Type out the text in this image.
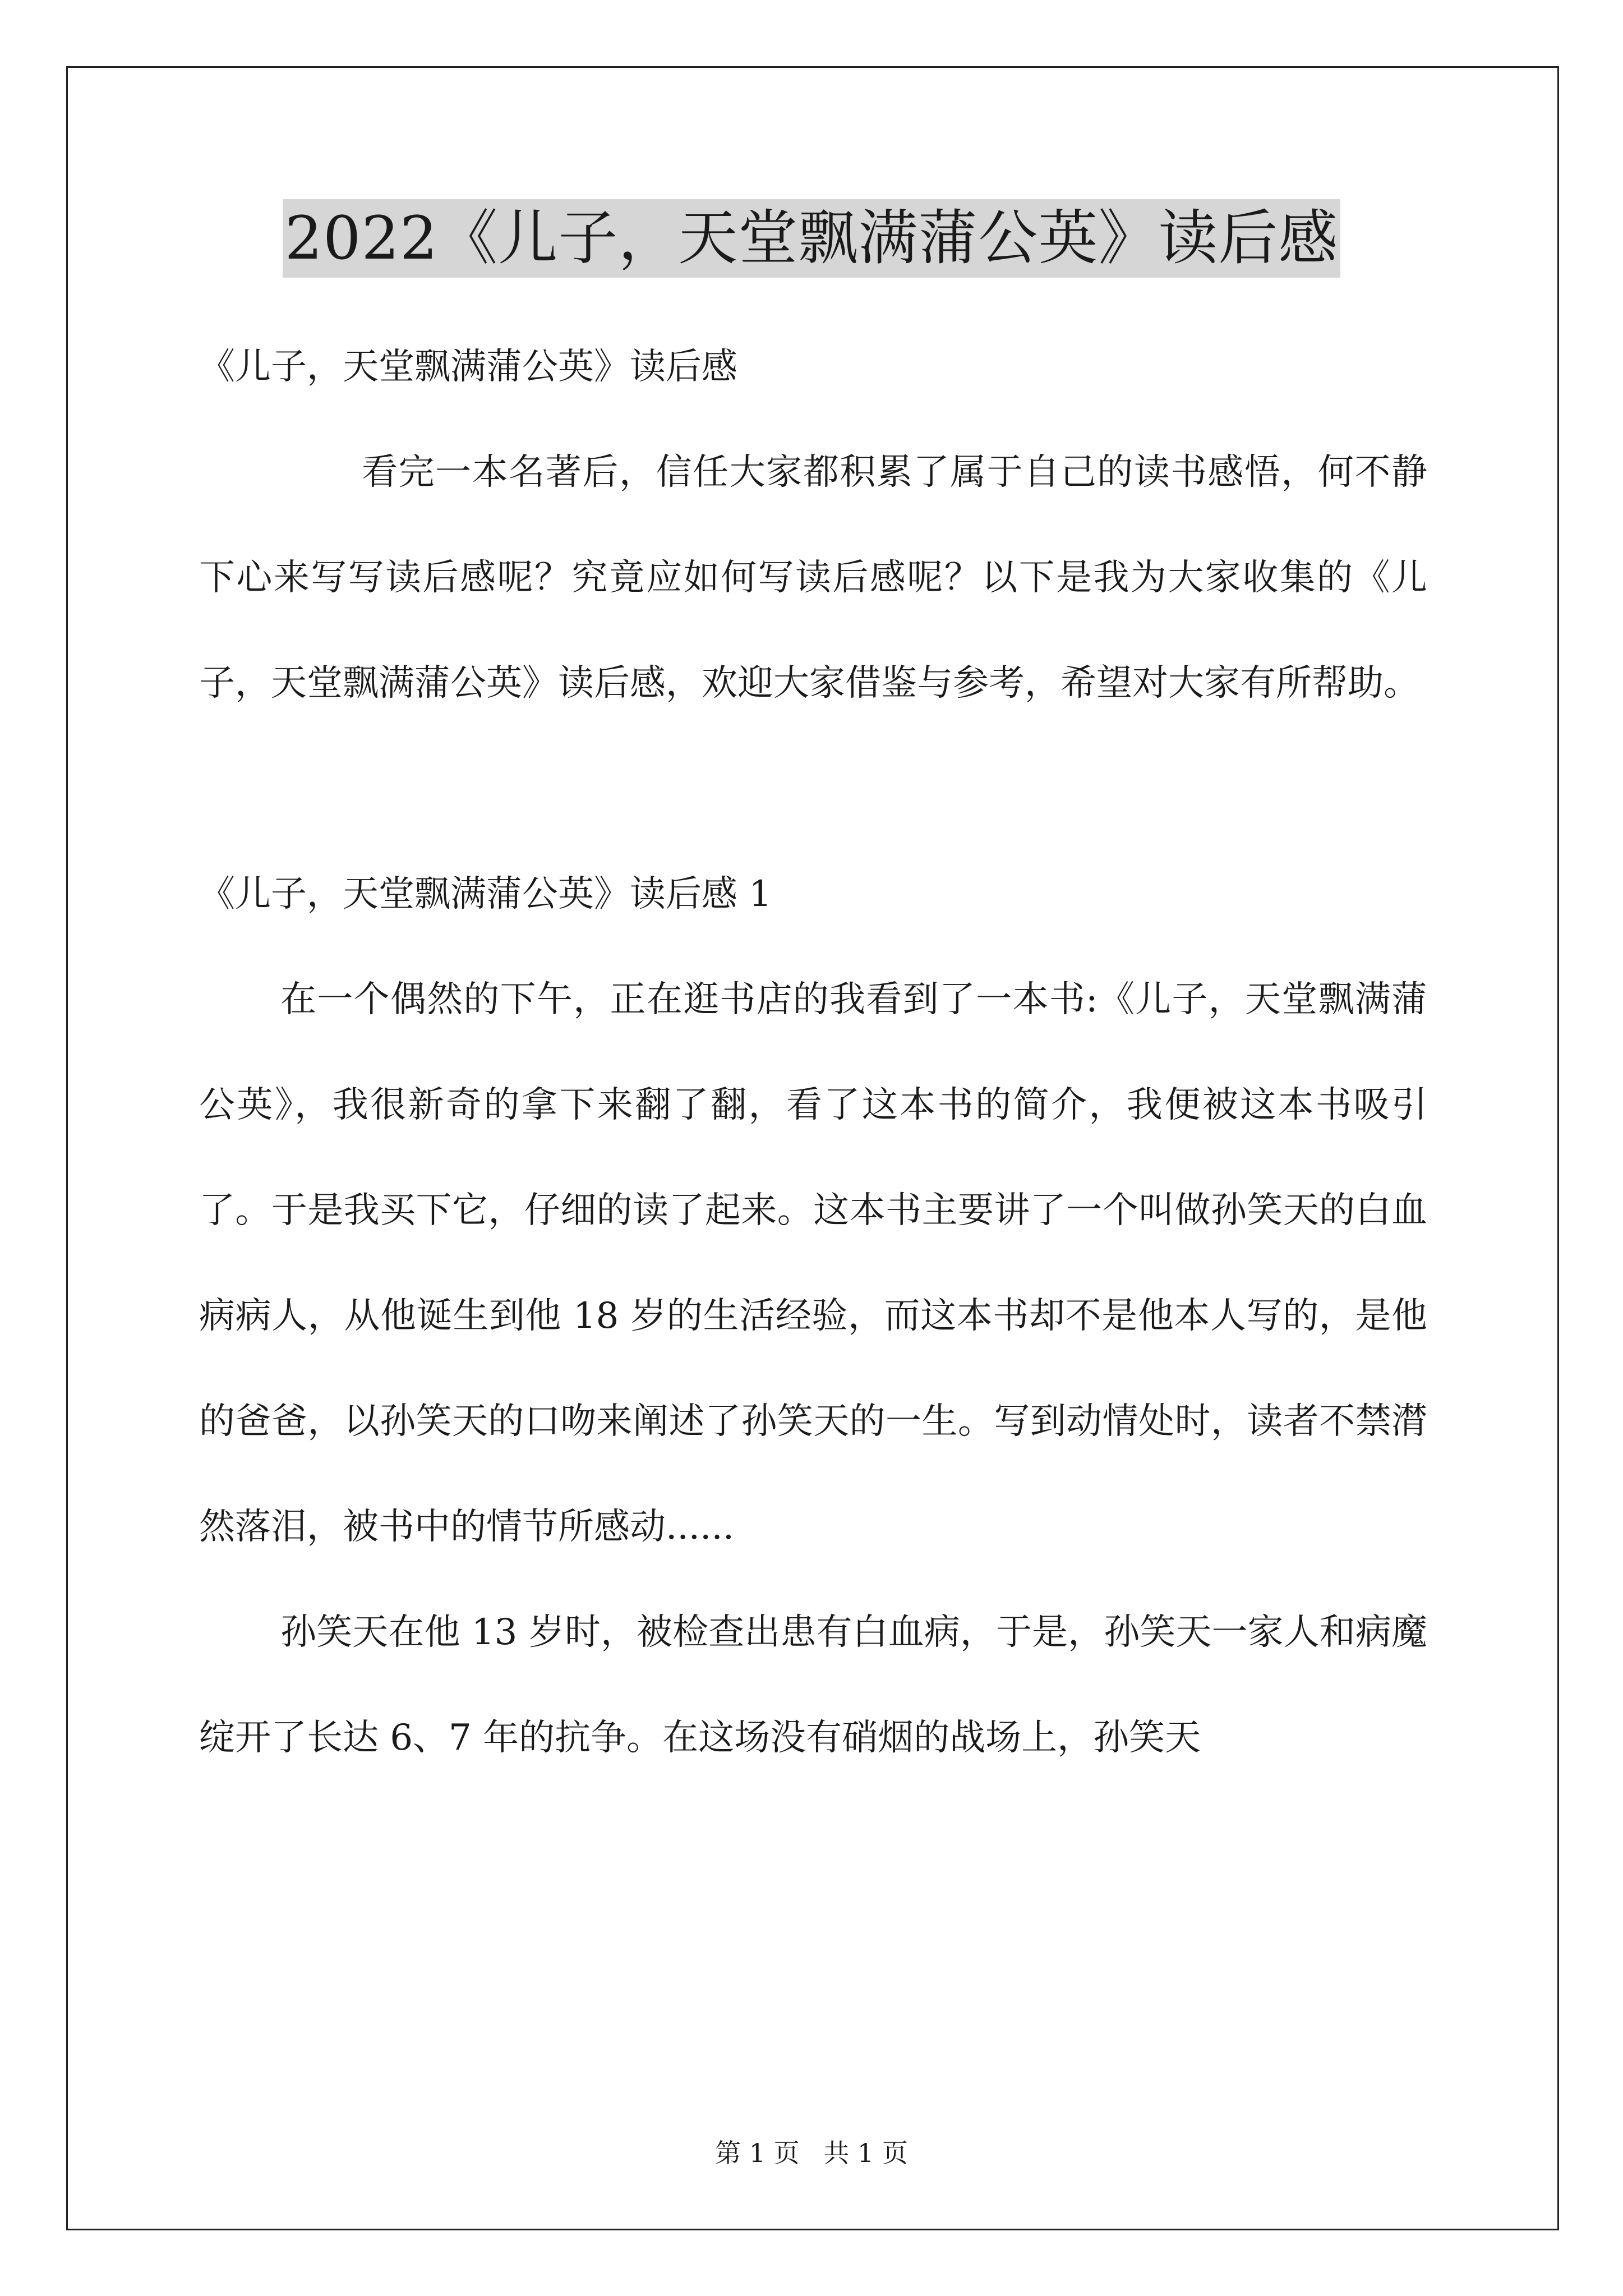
2022《儿子，天堂飘满蒲公英》读后感

《儿子，天堂飘满蒲公英》读后感

看完一本名著后，信任大家都积累了属于自己的读书感悟，何不静下心来写写读后感呢？究竟应如何写读后感呢？以下是我为大家收集的《儿子，天堂飘满蒲公英》读后感，欢迎大家借鉴与参考，希望对大家有所帮助。

《儿子，天堂飘满蒲公英》读后感 1

在一个偶然的下午，正在逛书店的我看到了一本书:《儿子，天堂飘满蒲公英》，我很新奇的拿下来翻了翻，看了这本书的简介，我便被这本书吸引了。于是我买下它，仔细的读了起来。这本书主要讲了一个叫做孙笑天的白血病病人，从他诞生到他 18 岁的生活经验，而这本书却不是他本人写的，是他的爸爸，以孙笑天的口吻来阐述了孙笑天的一生。写到动情处时，读者不禁潸然落泪，被书中的情节所感动......

孙笑天在他 13 岁时，被检查出患有白血病，于是，孙笑天一家人和病魔绽开了长达 6、7 年的抗争。在这场没有硝烟的战场上，孙笑天

第 1 页 共 1 页
